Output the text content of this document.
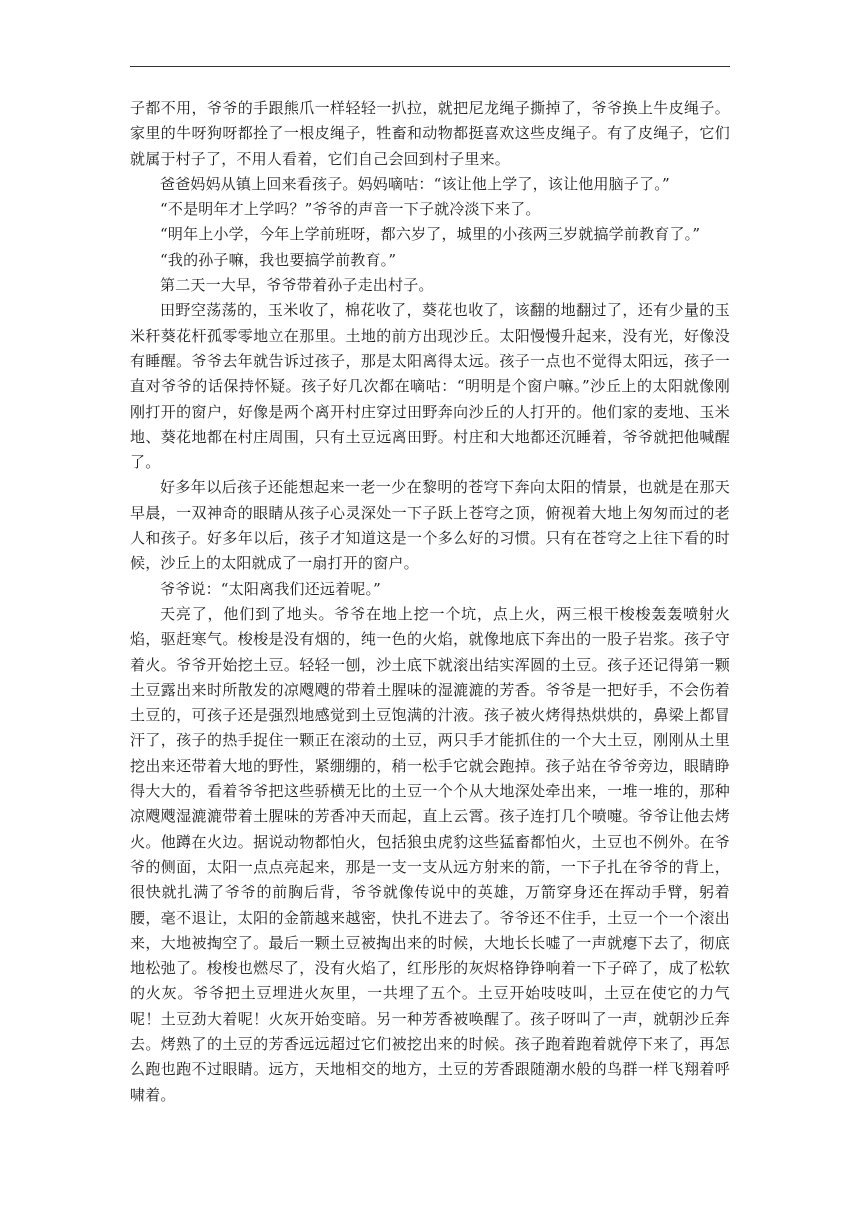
子都不用，爷爷的手跟熊爪一样轻轻一扒拉，就把尼龙绳子撕掉了，爷爷换上牛皮绳子。家里的牛呀狗呀都拴了一根皮绳子，牲畜和动物都挺喜欢这些皮绳子。有了皮绳子，它们就属于村子了，不用人看着，它们自己会回到村子里来。

爸爸妈妈从镇上回来看孩子。妈妈嘀咕：“该让他上学了，该让他用脑子了。”

“不是明年才上学吗？”爷爷的声音一下子就冷淡下来了。

“明年上小学，今年上学前班呀，都六岁了，城里的小孩两三岁就搞学前教育了。”

“我的孙子嘛，我也要搞学前教育。”

第二天一大早，爷爷带着孙子走出村子。

田野空荡荡的，玉米收了，棉花收了，葵花也收了，该翻的地翻过了，还有少量的玉米秆葵花杆孤零零地立在那里。土地的前方出现沙丘。太阳慢慢升起来，没有光，好像没有睡醒。爷爷去年就告诉过孩子，那是太阳离得太远。孩子一点也不觉得太阳远，孩子一直对爷爷的话保持怀疑。孩子好几次都在嘀咕：“明明是个窗户嘛。”沙丘上的太阳就像刚刚打开的窗户，好像是两个离开村庄穿过田野奔向沙丘的人打开的。他们家的麦地、玉米地、葵花地都在村庄周围，只有土豆远离田野。村庄和大地都还沉睡着，爷爷就把他喊醒了。

好多年以后孩子还能想起来一老一少在黎明的苍穹下奔向太阳的情景，也就是在那天早晨，一双神奇的眼睛从孩子心灵深处一下子跃上苍穹之顶，俯视着大地上匆匆而过的老人和孩子。好多年以后，孩子才知道这是一个多么好的习惯。只有在苍穹之上往下看的时候，沙丘上的太阳就成了一扇打开的窗户。

爷爷说：“太阳离我们还远着呢。”

天亮了，他们到了地头。爷爷在地上挖一个坑，点上火，两三根干梭梭轰轰喷射火焰，驱赶寒气。梭梭是没有烟的，纯一色的火焰，就像地底下奔出的一股子岩浆。孩子守着火。爷爷开始挖土豆。轻轻一刨，沙土底下就滚出结实浑圆的土豆。孩子还记得第一颗土豆露出来时所散发的凉飕飕的带着土腥味的湿漉漉的芳香。爷爷是一把好手，不会伤着土豆的，可孩子还是强烈地感觉到土豆饱满的汁液。孩子被火烤得热烘烘的，鼻梁上都冒汗了，孩子的热手捉住一颗正在滚动的土豆，两只手才能抓住的一个大土豆，刚刚从土里挖出来还带着大地的野性，紧绷绷的，稍一松手它就会跑掉。孩子站在爷爷旁边，眼睛睁得大大的，看着爷爷把这些骄横无比的土豆一个个从大地深处牵出来，一堆一堆的，那种凉飕飕湿漉漉带着土腥味的芳香冲天而起，直上云霄。孩子连打几个喷嚏。爷爷让他去烤火。他蹲在火边。据说动物都怕火，包括狼虫虎豹这些猛畜都怕火，土豆也不例外。在爷爷的侧面，太阳一点点亮起来，那是一支一支从远方射来的箭，一下子扎在爷爷的背上，很快就扎满了爷爷的前胸后背，爷爷就像传说中的英雄，万箭穿身还在挥动手臂，躬着腰，毫不退让，太阳的金箭越来越密，快扎不进去了。爷爷还不住手，土豆一个一个滚出来，大地被掏空了。最后一颗土豆被掏出来的时候，大地长长嘘了一声就瘪下去了，彻底地松弛了。梭梭也燃尽了，没有火焰了，红彤彤的灰烬格铮铮响着一下子碎了，成了松软的火灰。爷爷把土豆埋进火灰里，一共埋了五个。土豆开始吱吱叫，土豆在使它的力气呢！土豆劲大着呢！火灰开始变暗。另一种芳香被唤醒了。孩子呀叫了一声，就朝沙丘奔去。烤熟了的土豆的芳香远远超过它们被挖出来的时候。孩子跑着跑着就停下来了，再怎么跑也跑不过眼睛。远方，天地相交的地方，土豆的芳香跟随潮水般的鸟群一样飞翔着呼啸着。
